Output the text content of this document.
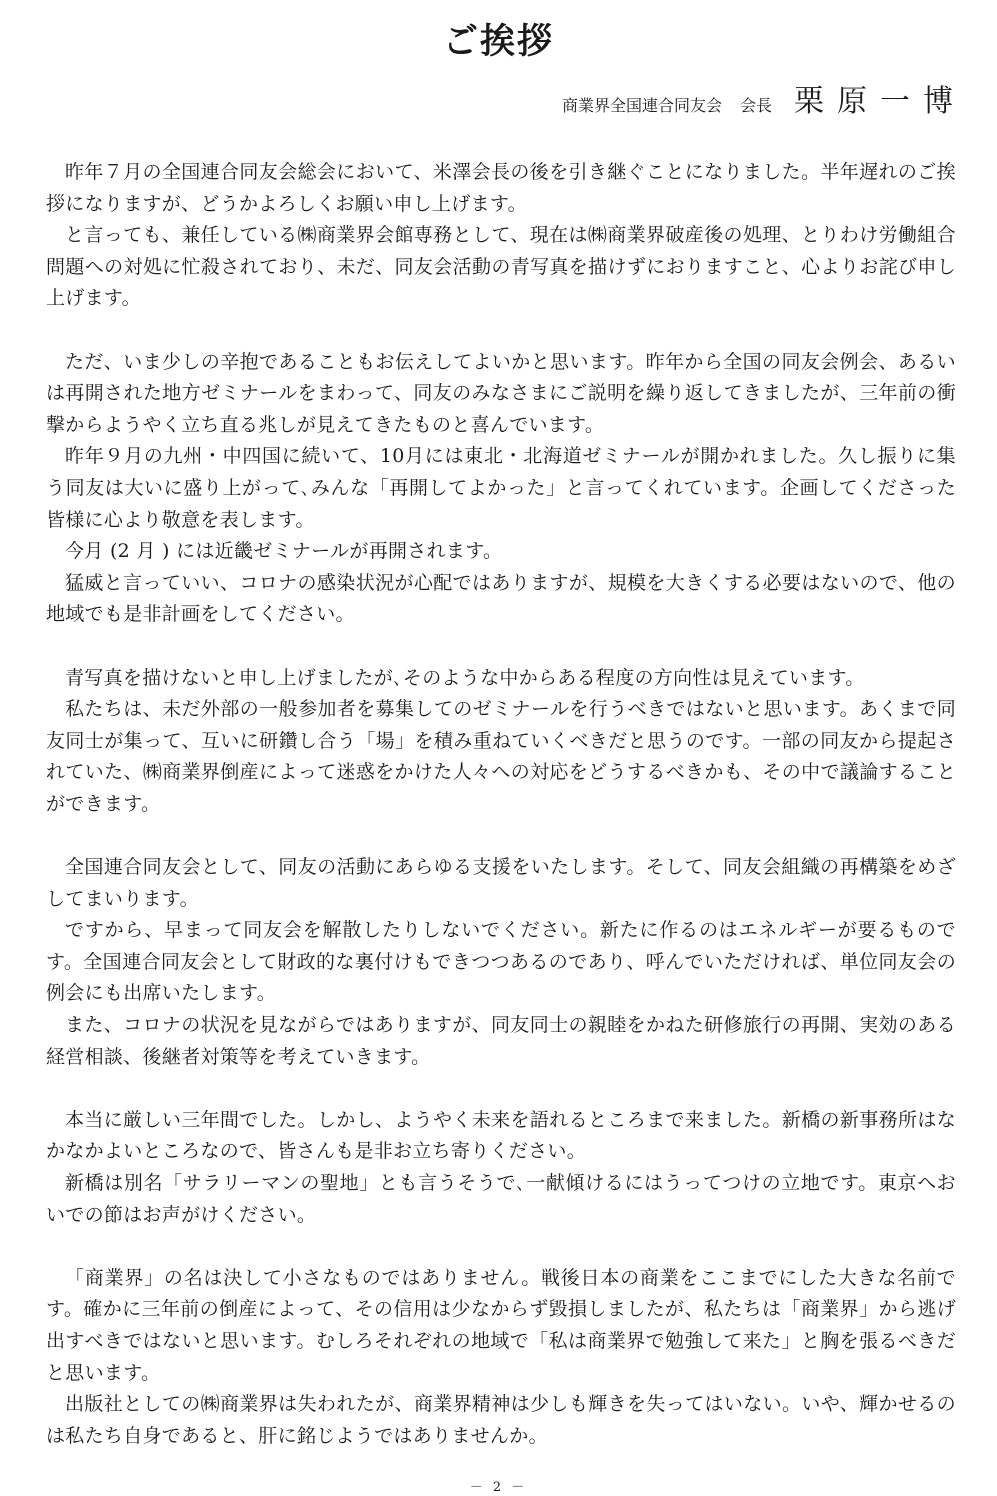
ご挨拶
商業界全国連合同友会 会長 栗原一博

昨年７月の全国連合同友会総会において、米澤会長の後を引き継ぐことになりました。半年遅れのご挨拶になりますが、どうかよろしくお願い申し上げます。

と言っても、兼任している㈱商業界会館専務として、現在は㈱商業界破産後の処理、とりわけ労働組合問題への対処に忙殺されており、未だ、同友会活動の青写真を描けずにおりますこと、心よりお詫び申し上げます。

ただ、いま少しの辛抱であることもお伝えしてよいかと思います。昨年から全国の同友会例会、あるいは再開された地方ゼミナールをまわって、同友のみなさまにご説明を繰り返してきましたが、三年前の衝撃からようやく立ち直る兆しが見えてきたものと喜んでいます。

昨年９月の九州・中四国に続いて、10月には東北・北海道ゼミナールが開かれました。久し振りに集う同友は大いに盛り上がって､みんな「再開してよかった」と言ってくれています。企画してくださった皆様に心より敬意を表します。

今月 (2 月 ) には近畿ゼミナールが再開されます。

猛威と言っていい、コロナの感染状況が心配ではありますが、規模を大きくする必要はないので、他の地域でも是非計画をしてください。

青写真を描けないと申し上げましたが､そのような中からある程度の方向性は見えています。

私たちは、未だ外部の一般参加者を募集してのゼミナールを行うべきではないと思います。あくまで同友同士が集って、互いに研鑽し合う「場」を積み重ねていくべきだと思うのです。一部の同友から提起されていた、㈱商業界倒産によって迷惑をかけた人々への対応をどうするべきかも、その中で議論することができます。

全国連合同友会として、同友の活動にあらゆる支援をいたします。そして、同友会組織の再構築をめざしてまいります。

ですから、早まって同友会を解散したりしないでください。新たに作るのはエネルギーが要るものです。全国連合同友会として財政的な裏付けもできつつあるのであり、呼んでいただければ、単位同友会の例会にも出席いたします。

また、コロナの状況を見ながらではありますが、同友同士の親睦をかねた研修旅行の再開、実効のある経営相談、後継者対策等を考えていきます。

本当に厳しい三年間でした。しかし、ようやく未来を語れるところまで来ました。新橋の新事務所はなかなかよいところなので、皆さんも是非お立ち寄りください。

新橋は別名「サラリーマンの聖地」とも言うそうで､一献傾けるにはうってつけの立地です。東京へおいでの節はお声がけください。

「商業界」の名は決して小さなものではありません。戦後日本の商業をここまでにした大きな名前です。確かに三年前の倒産によって、その信用は少なからず毀損しましたが、私たちは「商業界」から逃げ出すべきではないと思います。むしろそれぞれの地域で「私は商業界で勉強して来た」と胸を張るべきだと思います。

出版社としての㈱商業界は失われたが、商業界精神は少しも輝きを失ってはいない。いや、輝かせるのは私たち自身であると、肝に銘じようではありませんか。

－ 2 －
